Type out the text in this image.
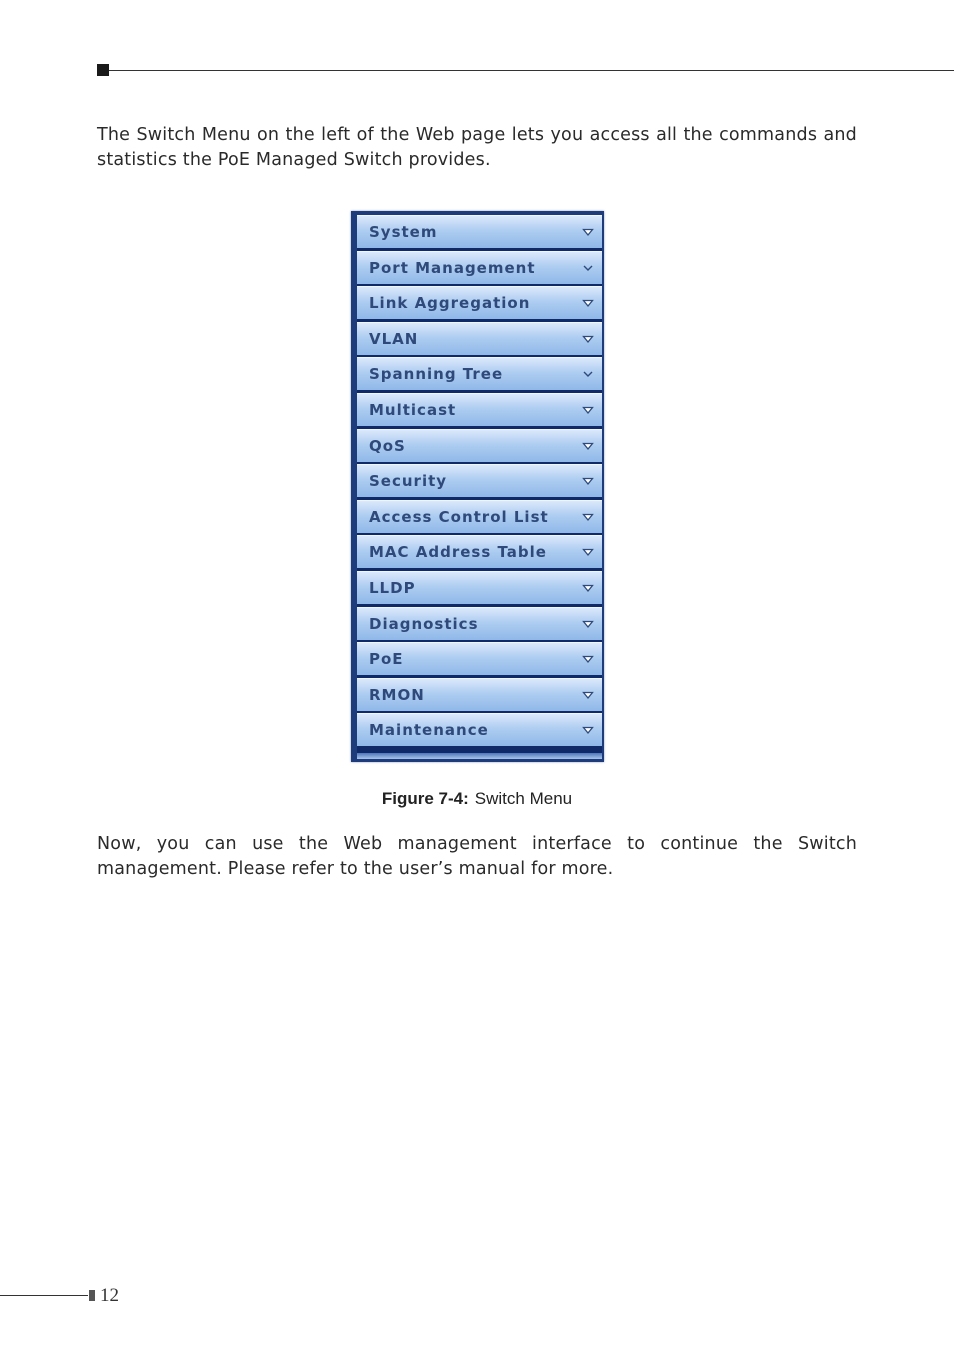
The Switch Menu on the left of the Web page lets you access all the commands and statistics the PoE Managed Switch provides.

System
Port Management
Link Aggregation
VLAN
Spanning Tree
Multicast
QoS
Security
Access Control List
MAC Address Table
LLDP
Diagnostics
PoE
RMON
Maintenance
Figure 7-4: Switch Menu

Now, you can use the Web management interface to continue the Switch management. Please refer to the user’s manual for more.

12
